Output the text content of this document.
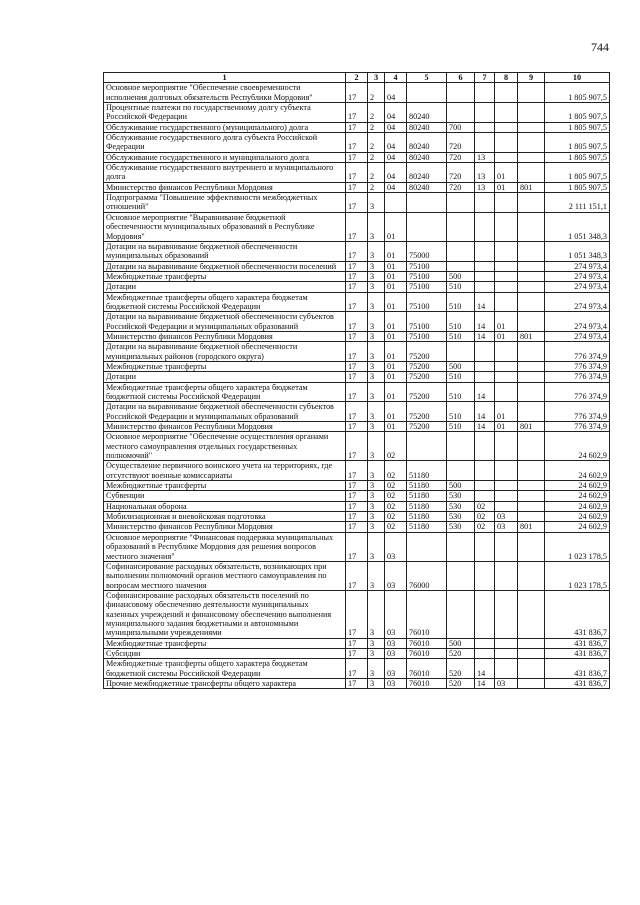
744
1	2	3	4	5	6	7	8	9	10
Основное мероприятие "Обеспечение своевременности исполнения долговых обязательств Республики Мордовия"	17	2	04						1 805 907,5
Процентные платежи по государственному долгу субъекта Российской Федерации	17	2	04	80240					1 805 907,5
Обслуживание государственного (муниципального) долга	17	2	04	80240	700				1 805 907,5
Обслуживание государственного долга субъекта Российской Федерации	17	2	04	80240	720				1 805 907,5
Обслуживание государственного и муниципального долга	17	2	04	80240	720	13			1 805 907,5
Обслуживание государственного внутреннего и муниципального долга	17	2	04	80240	720	13	01		1 805 907,5
Министерство финансов Республики Мордовия	17	2	04	80240	720	13	01	801	1 805 907,5
Подпрограмма "Повышение эффективности межбюджетных отношений"	17	3							2 111 151,1
Основное мероприятие "Выравнивание бюджетной обеспеченности муниципальных образований в Республике Мордовия"	17	3	01						1 051 348,3
Дотации на выравнивание бюджетной обеспеченности муниципальных образований	17	3	01	75000					1 051 348,3
Дотации на выравнивание бюджетной обеспеченности поселений	17	3	01	75100					274 973,4
Межбюджетные трансферты	17	3	01	75100	500				274 973,4
Дотации	17	3	01	75100	510				274 973,4
Межбюджетные трансферты общего характера бюджетам бюджетной системы Российской Федерации	17	3	01	75100	510	14			274 973,4
Дотации на выравнивание бюджетной обеспеченности субъектов Российской Федерации и муниципальных образований	17	3	01	75100	510	14	01		274 973,4
Министерство финансов Республики Мордовия	17	3	01	75100	510	14	01	801	274 973,4
Дотации на выравнивание бюджетной обеспеченности муниципальных районов (городского округа)	17	3	01	75200					776 374,9
Межбюджетные трансферты	17	3	01	75200	500				776 374,9
Дотации	17	3	01	75200	510				776 374,9
Межбюджетные трансферты общего характера бюджетам бюджетной системы Российской Федерации	17	3	01	75200	510	14			776 374,9
Дотации на выравнивание бюджетной обеспеченности субъектов Российской Федерации и муниципальных образований	17	3	01	75200	510	14	01		776 374,9
Министерство финансов Республики Мордовия	17	3	01	75200	510	14	01	801	776 374,9
Основное мероприятие "Обеспечение осуществления органами местного самоуправления отдельных государственных полномочий"	17	3	02						24 602,9
Осуществление первичного воинского учета на территориях, где отсутствуют военные комиссариаты	17	3	02	51180					24 602,9
Межбюджетные трансферты	17	3	02	51180	500				24 602,9
Субвенции	17	3	02	51180	530				24 602,9
Национальная оборона	17	3	02	51180	530	02			24 602,9
Мобилизационная и вневойсковая подготовка	17	3	02	51180	530	02	03		24 602,9
Министерство финансов Республики Мордовия	17	3	02	51180	530	02	03	801	24 602,9
Основное мероприятие "Финансовая поддержка муниципальных образований в Республике Мордовия для решения вопросов местного значения"	17	3	03						1 023 178,5
Софинансирование расходных обязательств, возникающих при выполнении полномочий органов местного самоуправления по вопросам местного значения	17	3	03	76000					1 023 178,5
Софинансирование расходных обязательств поселений по финансовому обеспечению деятельности муниципальных казенных учреждений и финансовому обеспечению выполнения муниципального задания бюджетными и автономными муниципальными учреждениями	17	3	03	76010					431 836,7
Межбюджетные трансферты	17	3	03	76010	500				431 836,7
Субсидии	17	3	03	76010	520				431 836,7
Межбюджетные трансферты общего характера бюджетам бюджетной системы Российской Федерации	17	3	03	76010	520	14			431 836,7
Прочие межбюджетные трансферты общего характера	17	3	03	76010	520	14	03		431 836,7
